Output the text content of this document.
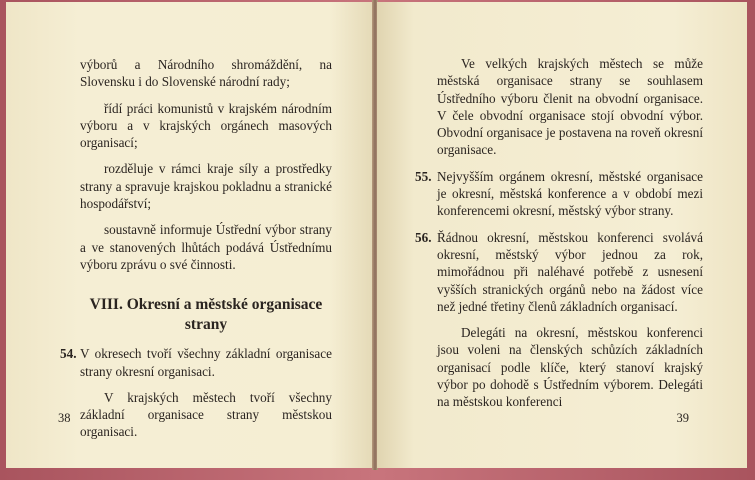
výborů a Národního shromáždění, na Slovensku i do Slovenské národní rady;

řídí práci komunistů v krajském národním výboru a v krajských orgánech masových organisací;

rozděluje v rámci kraje síly a prostředky strany a spravuje krajskou pokladnu a stranické hospodářství;

soustavně informuje Ústřední výbor strany a ve stanovených lhůtách podává Ústřednímu výboru zprávu o své činnosti.

VIII. Okresní a městské organisace strany

54. V okresech tvoří všechny základní organisace strany okresní organisaci.

V krajských městech tvoří všechny základní organisace strany městskou organisaci.

38

Ve velkých krajských městech se může městská organisace strany se souhlasem Ústředního výboru členit na obvodní organisace. V čele obvodní organisace stojí obvodní výbor. Obvodní organisace je postavena na roveň okresní organisace.

55. Nejvyšším orgánem okresní, městské organisace je okresní, městská konference a v období mezi konferencemi okresní, městský výbor strany.

56. Řádnou okresní, městskou konferenci svolává okresní, městský výbor jednou za rok, mimořádnou při naléhavé potřebě z usnesení vyšších stranických orgánů nebo na žádost více než jedné třetiny členů základních organisací.

Delegáti na okresní, městskou konferenci jsou voleni na členských schůzích základních organisací podle klíče, který stanoví krajský výbor po dohodě s Ústředním výborem. Delegáti na městskou konferenci

39
